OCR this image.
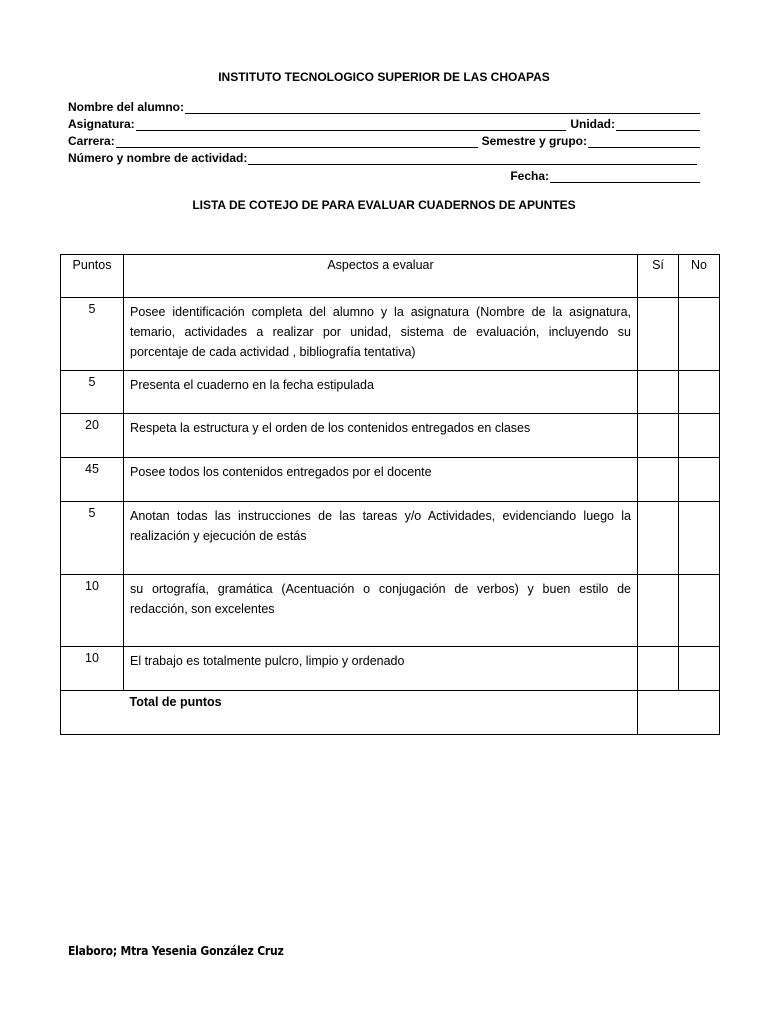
INSTITUTO TECNOLOGICO SUPERIOR DE LAS CHOAPAS
Nombre del alumno:
Asignatura:	Unidad:
Carrera:	Semestre y grupo:
Número y nombre de actividad:
Fecha:
LISTA DE COTEJO DE PARA EVALUAR CUADERNOS DE APUNTES
Puntos	Aspectos a evaluar	Sí	No
5	Posee identificación completa del alumno y la asignatura (Nombre de la asignatura, temario, actividades a realizar por unidad, sistema de evaluación, incluyendo su porcentaje de cada actividad , bibliografía tentativa)		
5	Presenta el cuaderno en la fecha estipulada		
20	Respeta la estructura y el orden de los contenidos entregados en clases		
45	Posee todos los contenidos entregados por el docente		
5	Anotan todas las instrucciones de las tareas y/o Actividades, evidenciando luego la realización y ejecución de estás		
10	su ortografía, gramática (Acentuación o conjugación de verbos) y buen estilo de redacción, son excelentes		
10	El trabajo es totalmente pulcro, limpio y ordenado		
	Total de puntos		
Elaboro; Mtra Yesenia González Cruz
